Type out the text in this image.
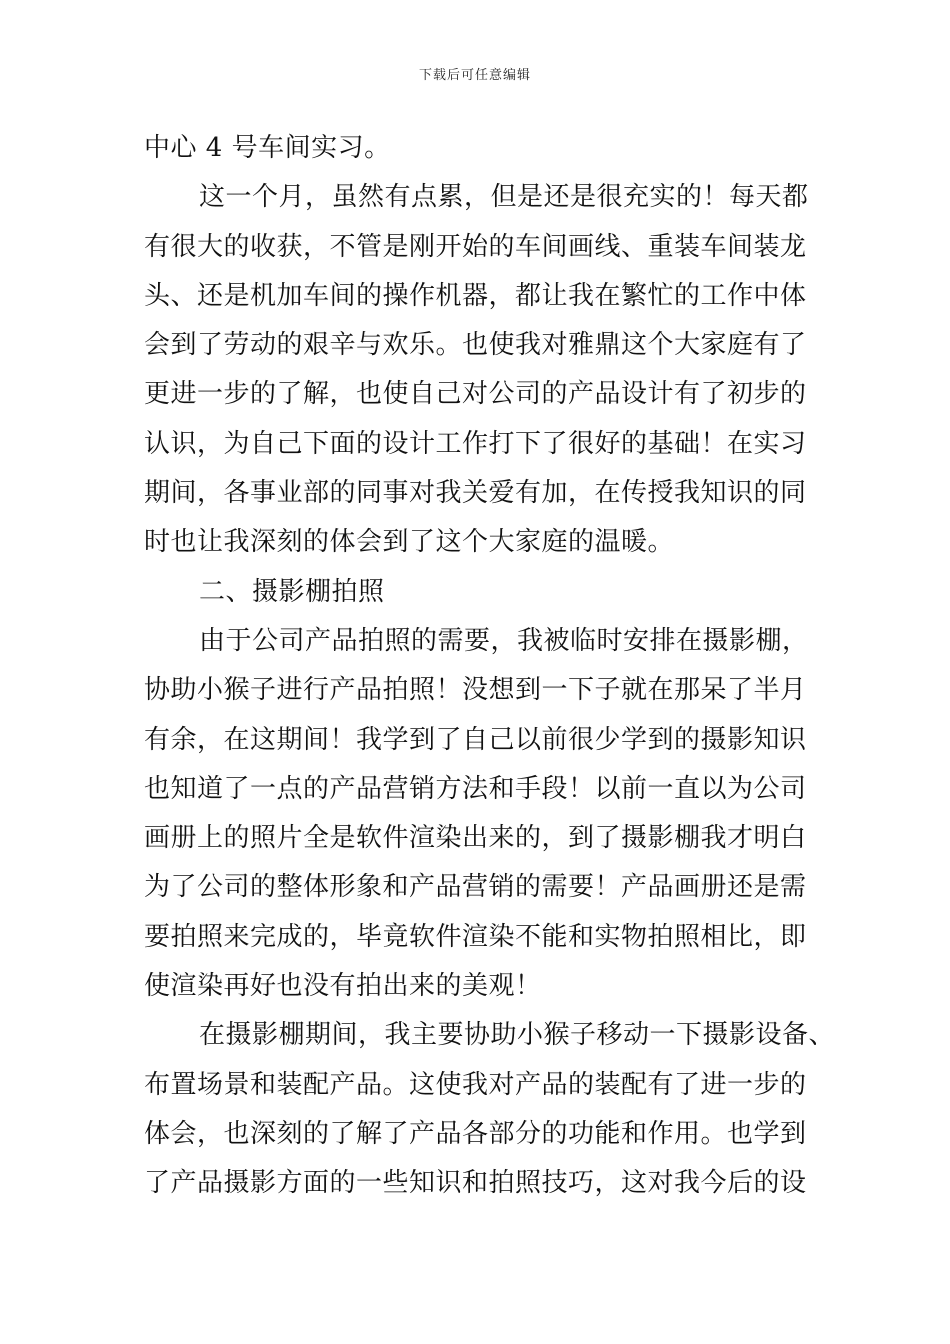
下载后可任意编辑
中心 4 号车间实习。
这一个月，虽然有点累，但是还是很充实的！每天都
有很大的收获，不管是刚开始的车间画线、重装车间装龙
头、还是机加车间的操作机器，都让我在繁忙的工作中体
会到了劳动的艰辛与欢乐。也使我对雅鼎这个大家庭有了
更进一步的了解，也使自己对公司的产品设计有了初步的
认识，为自己下面的设计工作打下了很好的基础！在实习
期间，各事业部的同事对我关爱有加，在传授我知识的同
时也让我深刻的体会到了这个大家庭的温暖。
二、摄影棚拍照
由于公司产品拍照的需要，我被临时安排在摄影棚，
协助小猴子进行产品拍照！没想到一下子就在那呆了半月
有余，在这期间！我学到了自己以前很少学到的摄影知识
也知道了一点的产品营销方法和手段！以前一直以为公司
画册上的照片全是软件渲染出来的，到了摄影棚我才明白
为了公司的整体形象和产品营销的需要！产品画册还是需
要拍照来完成的，毕竟软件渲染不能和实物拍照相比，即
使渲染再好也没有拍出来的美观！
在摄影棚期间，我主要协助小猴子移动一下摄影设备、
布置场景和装配产品。这使我对产品的装配有了进一步的
体会，也深刻的了解了产品各部分的功能和作用。也学到
了产品摄影方面的一些知识和拍照技巧，这对我今后的设
